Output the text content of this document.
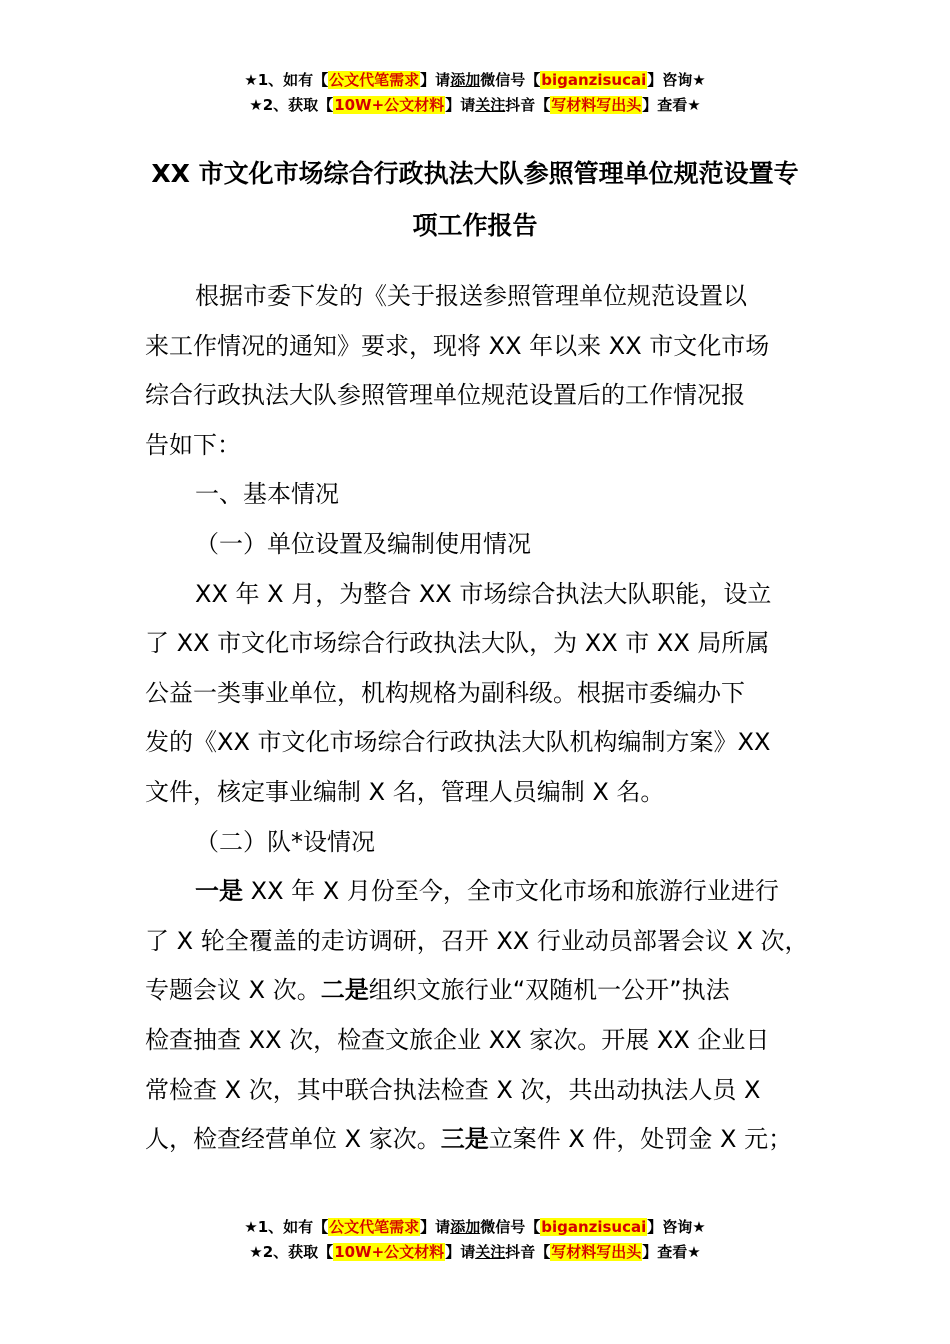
★1、如有【公文代笔需求】请添加微信号【biganzisucai】咨询★
★2、获取【10W+公文材料】请关注抖音【写材料写出头】查看★
XX 市文化市场综合行政执法大队参照管理单位规范设置专
项工作报告
根据市委下发的《关于报送参照管理单位规范设置以
来工作情况的通知》要求，现将 XX 年以来 XX 市文化市场
综合行政执法大队参照管理单位规范设置后的工作情况报
告如下：
一、基本情况
（一）单位设置及编制使用情况
XX 年 X 月，为整合 XX 市场综合执法大队职能，设立
了 XX 市文化市场综合行政执法大队，为 XX 市 XX 局所属
公益一类事业单位，机构规格为副科级。根据市委编办下
发的《XX 市文化市场综合行政执法大队机构编制方案》XX
文件，核定事业编制 X 名，管理人员编制 X 名。
（二）队*设情况
一是 XX 年 X 月份至今，全市文化市场和旅游行业进行
了 X 轮全覆盖的走访调研，召开 XX 行业动员部署会议 X 次，
专题会议 X 次。二是组织文旅行业“双随机一公开”执法
检查抽查 XX 次，检查文旅企业 XX 家次。开展 XX 企业日
常检查 X 次，其中联合执法检查 X 次，共出动执法人员 X
人，检查经营单位 X 家次。三是立案件 X 件，处罚金 X 元；
★1、如有【公文代笔需求】请添加微信号【biganzisucai】咨询★
★2、获取【10W+公文材料】请关注抖音【写材料写出头】查看★
